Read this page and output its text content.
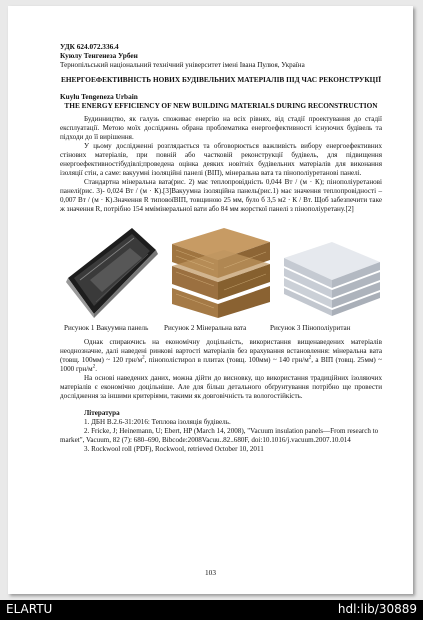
УДК 624.072.336.4
Куюлу Тенгенеза Урбен
Тернопільський національний технічний університет імені Івана Пулюя, Україна
ЕНЕРГОЕФЕКТИВНІСТЬ НОВИХ БУДІВЕЛЬНИХ МАТЕРІАЛІВ ПІД ЧАС РЕКОНСТРУКЦІЇ
Kuylu Tengeneza Urbain
THE ENERGY EFFICIENCY OF NEW BUILDING MATERIALS DURING RECONSTRUCTION

Будинництво, як галузь споживає енергію на всіх рівнях, від стадії проектування до стадії експлуатації. Метою моїх досліджень обрана проблематика енергоефективності існуючих будівель та підходи до її вирішення.

У цьому дослідженні розглядається та обговорюється важливість вибору енергоефективних стінових матеріалів, при повній або частковій реконструкції будівель, для підвищення енергоефективностібудівлі;проведена оцінка деяких новітніх будівельних матеріалів для виконання ізоляції стін, а саме: вакуумні ізоляційні панелі (ВІП), мінеральна вата та пінополіуретанові панелі.

Стандартна мінеральна вата(рис. 2) має теплопровідність 0,044 Вт / (м · К); пінополіуретанові панелі(рис. 3)- 0,024 Вт / (м · К).[3]Вакуумна ізоляційна панель(рис.1) має значення теплопровідності – 0,007 Вт / (м · К).Значення R типовоїВІП, товщиною 25 мм, було б 3,5 м2 · К / Вт. Щоб забезпечити таке ж значення R, потрібно 154 ммімінеральної вати або 84 мм жорсткої панелі з пінополіуретану.[2]

Рисунок 1 Вакуумна панель Рисунок 2 Мінеральна вата	Рисунок 3 Пінополіуритан

Однак спираючись на економічну доцільність, використання вищенаведених матеріалів неоднозначне, далі наведені ринкові вартості матеріалів без врахування встановлення: мінеральна вата (товщ. 100мм) ~ 120 грн/$м^2$, пінополістирол в плитах (товщ. 100мм) ~ 140 грн/$м^2$, а ВІП (товщ. 25мм) ~ 1000 грн/$м^2$.

На основі наведених даних, можна дійти до висновку, що використання традиційних ізоляючих матеріалів є економічно доцільніше. Але для більш детального обґрунтування потрібно ще провести дослідження за іншими критеріями, такими як довговічність та вологостійкість.

Література

1. ДБН В.2.6-31:2016: Теплова ізоляція будівель.

2. Fricke, J; Heinemann, U; Ebert, HP (March 14, 2008), "Vacuum insulation panels—From research to market", Vacuum, 82 (7): 680–690, Bibcode:2008Vacuu..82..680F, doi:10.1016/j.vacuum.2007.10.014

3. Rockwool roll (PDF), Rockwool, retrieved October 10, 2011

103
ELARTU	hdl:lib/30889
